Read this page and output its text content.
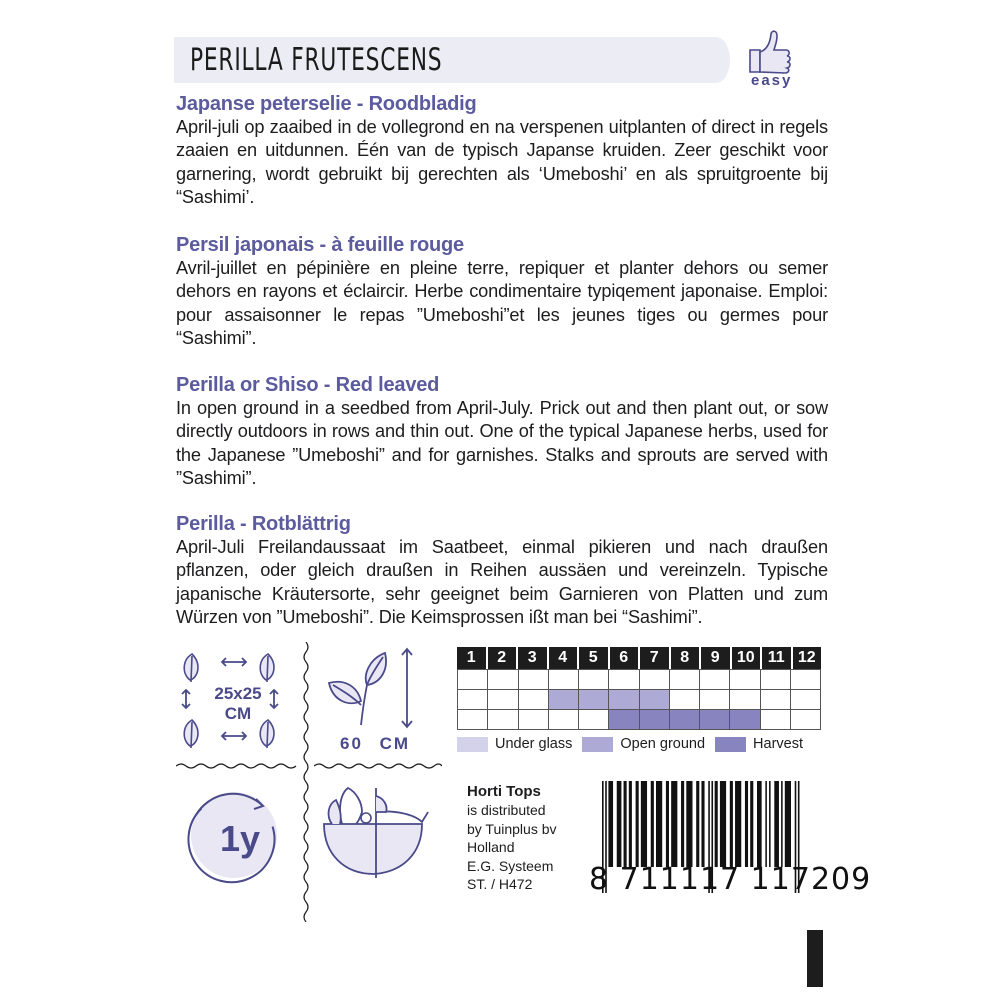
PERILLA FRUTESCENS
easy
Japanse peterselie - Roodbladig

April-juli op zaaibed in de vollegrond en na verspenen uitplanten of direct in regels zaaien en uitdunnen. Één van de typisch Japanse kruiden. Zeer geschikt voor garnering, wordt gebruikt bij gerechten als ‘Umeboshi’ en als spruitgroente bij “Sashimi’.

Persil japonais - à feuille rouge

Avril-juillet en pépinière en pleine terre, repiquer et planter dehors ou semer dehors en rayons et éclaircir. Herbe condimentaire typiqement japonaise. Emploi: pour assaisonner le repas ”Umeboshi”et les jeunes tiges ou germes pour “Sashimi”.

Perilla or Shiso - Red leaved

In open ground in a seedbed from April-July. Prick out and then plant out, or sow directly outdoors in rows and thin out. One of the typical Japanese herbs, used for the Japanese ”Umeboshi” and for garnishes. Stalks and sprouts are served with ”Sashimi”.

Perilla - Rotblättrig

April-Juli Freilandaussaat im Saatbeet, einmal pikieren und nach draußen pflanzen, oder gleich draußen in Reihen aussäen und vereinzeln. Typische japanische Kräutersorte, sehr geeignet beim Garnieren von Platten und zum Würzen von ”Umeboshi”. Die Keimsprossen ißt man bei “Sashimi”.

25x25
CM
60 CM
1y
1	2	3	4	5	6	7	8	9	10 11 12
Under glass	Open ground	Harvest
Horti Tops
is distributed
by Tuinplus bv
Holland
E.G. Systeem
ST. / H472	8 711117 117209
